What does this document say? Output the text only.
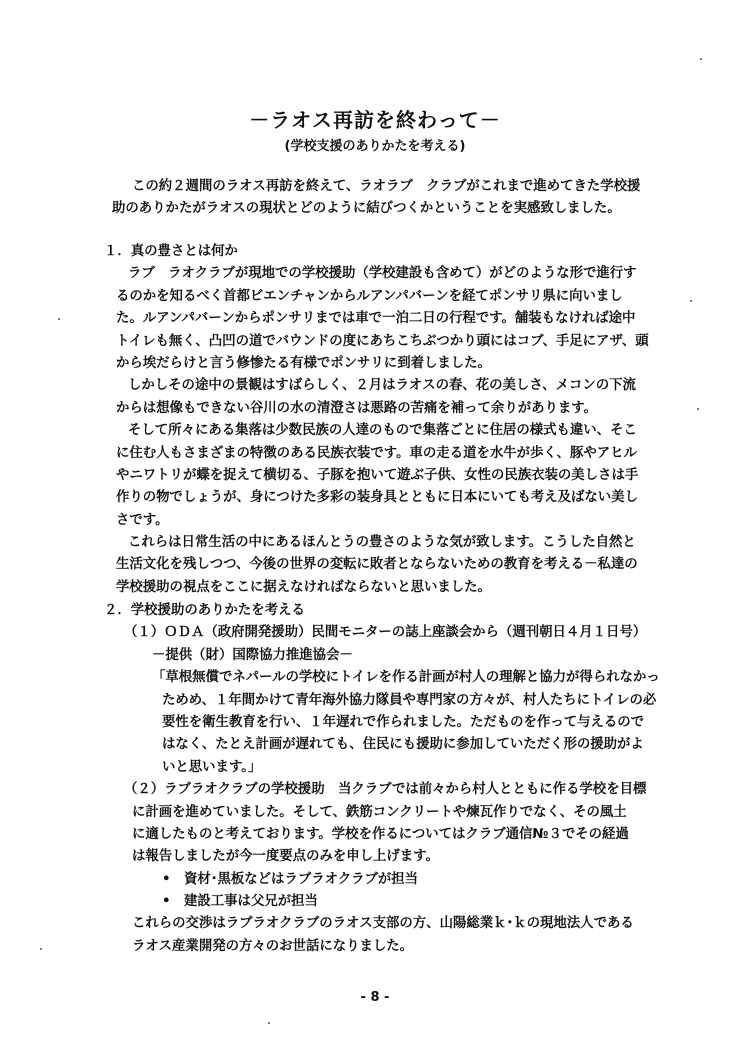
－ラオス再訪を終わって－
(学校支援のありかたを考える)
この約２週間のラオス再訪を終えて、ラオラブ　クラブがこれまで進めてきた学校援
助のありかたがラオスの現状とどのように結びつくかということを実感致しました。
１．真の豊さとは何か
ラブ　ラオクラブが現地での学校援助（学校建設も含めて）がどのような形で進行す
るのかを知るべく首都ビエンチャンからルアンパバーンを経てポンサリ県に向いまし
た。ルアンパバーンからポンサリまでは車で一泊二日の行程です。舗装もなければ途中
トイレも無く、凸凹の道でバウンドの度にあちこちぶつかり頭にはコブ、手足にアザ、頭
から埃だらけと言う修惨たる有様でポンサリに到着しました。
しかしその途中の景観はすばらしく、２月はラオスの春、花の美しさ、メコンの下流
からは想像もできない谷川の水の清澄さは悪路の苦痛を補って余りがあります。
そして所々にある集落は少数民族の人達のもので集落ごとに住居の様式も違い、そこ
に住む人もさまざまの特徴のある民族衣装です。車の走る道を水牛が歩く、豚やアヒル
やニワトリが蝶を捉えて横切る、子豚を抱いて遊ぶ子供、女性の民族衣装の美しさは手
作りの物でしょうが、身につけた多彩の装身具とともに日本にいても考え及ばない美し
さです。
これらは日常生活の中にあるほんとうの豊さのような気が致します。こうした自然と
生活文化を残しつつ、今後の世界の変転に敗者とならないための教育を考える－私達の
学校援助の視点をここに据えなければならないと思いました。
２．学校援助のありかたを考える
（１）ＯＤＡ（政府開発援助）民間モニターの誌上座談会から（週刊朝日４月１日号）
－提供（財）国際協力推進協会－
「草根無償でネパールの学校にトイレを作る計画が村人の理解と協力が得られなかっ
ためめ、１年間かけて青年海外協力隊員や専門家の方々が、村人たちにトイレの必
要性を衛生教育を行い、１年遅れで作られました。ただものを作って与えるので
はなく、たとえ計画が遅れても、住民にも援助に参加していただく形の援助がよ
いと思います。」
（２）ラブラオクラブの学校援助　当クラブでは前々から村人とともに作る学校を目標
に計画を進めていました。そして、鉄筋コンクリートや煉瓦作りでなく、その風土
に適したものと考えております。学校を作るについてはクラブ通信№３でその経過
は報告しましたが今一度要点のみを申し上げます。
• 資材･黒板などはラブラオクラブが担当
• 建設工事は父兄が担当
これらの交渉はラブラオクラブのラオス支部の方、山陽総業ｋ･ｋの現地法人である
ラオス産業開発の方々のお世話になりました。
- 8 -
